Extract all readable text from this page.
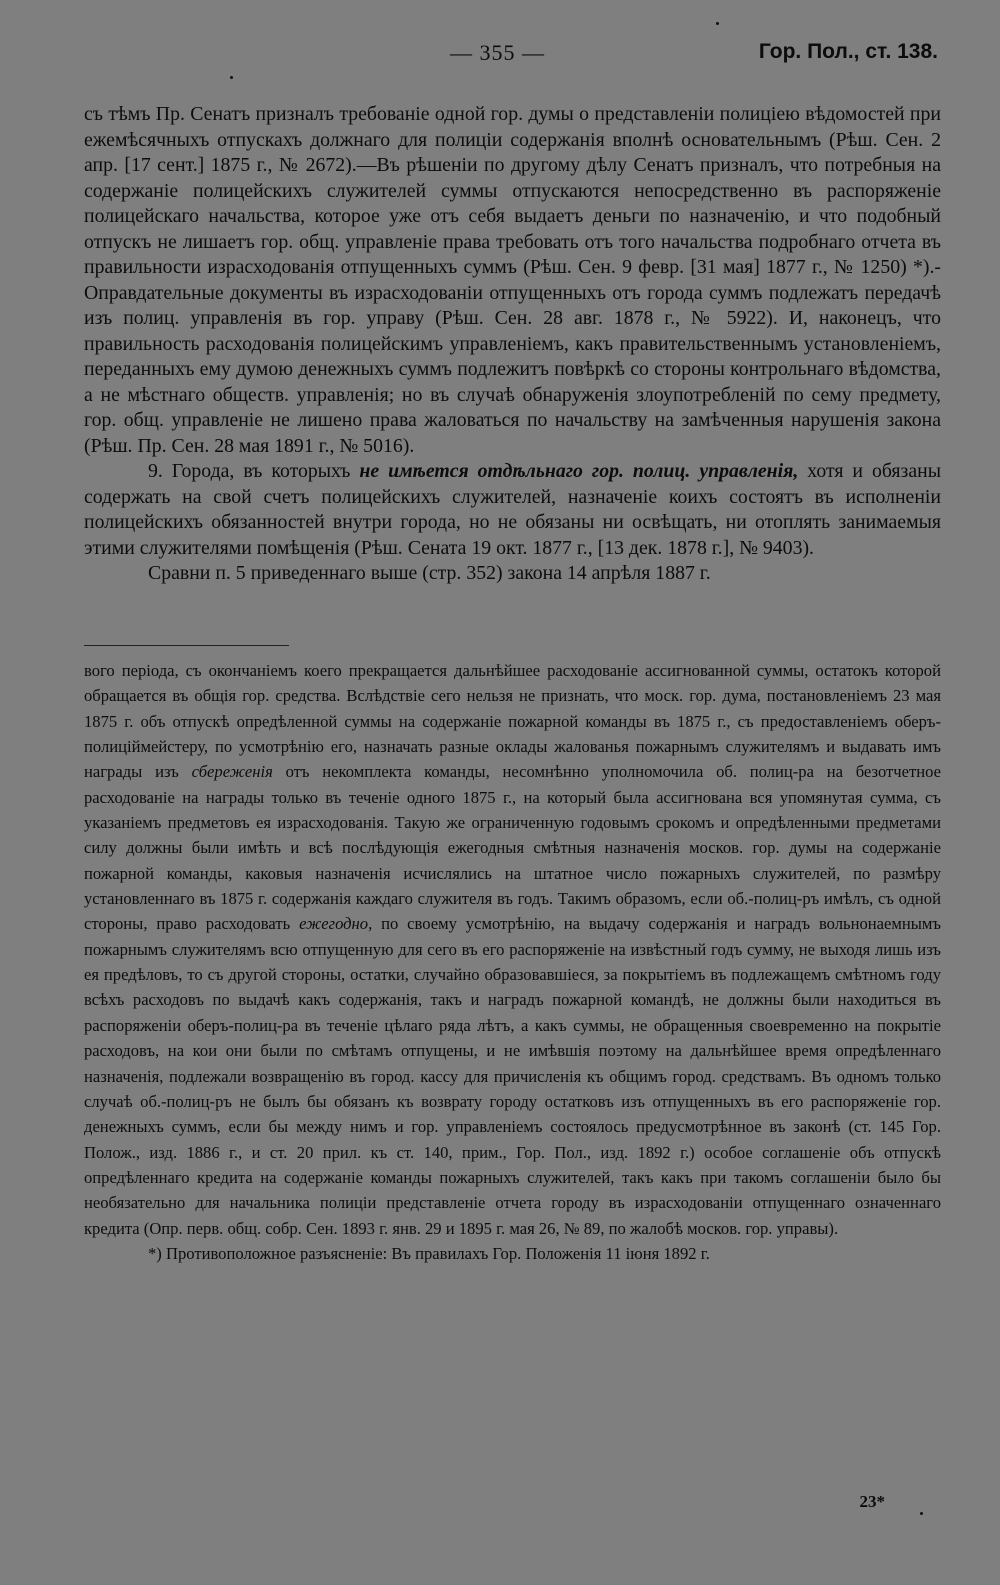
— 355 —	Гор. Пол., ст. 138.

съ тѣмъ Пр. Сенатъ призналъ требованіе одной гор. думы о представленіи полиціею вѣдомостей при ежемѣсячныхъ отпускахъ должнаго для полиціи содержанія вполнѣ основательнымъ (Рѣш. Сен. 2 апр. [17 сент.] 1875 г., № 2672).—Въ рѣшеніи по другому дѣлу Сенатъ призналъ, что потребныя на содержаніе полицейскихъ служителей суммы отпускаются непосредственно въ распоряженіе полицейскаго начальства, которое уже отъ себя выдаетъ деньги по назначенію, и что подобный отпускъ не лишаетъ гор. общ. управленіе права требовать отъ того начальства подробнаго отчета въ правильности израсходованія отпущенныхъ суммъ (Рѣш. Сен. 9 февр. [31 мая] 1877 г., № 1250) *).- Оправдательные документы въ израсходованіи отпущенныхъ отъ города суммъ подлежатъ передачѣ изъ полиц. управленія въ гор. управу (Рѣш. Сен. 28 авг. 1878 г., № 5922). И, наконецъ, что правильность расходованія полицейскимъ управленіемъ, какъ правительственнымъ установленіемъ, переданныхъ ему думою денежныхъ суммъ подлежитъ повѣркѣ со стороны контрольнаго вѣдомства, а не мѣстнаго обществ. управленія; но въ случаѣ обнаруженія злоупотребленій по сему предмету, гор. общ. управленіе не лишено права жаловаться по начальству на замѣченныя нарушенія закона (Рѣш. Пр. Сен. 28 мая 1891 г., № 5016).

9. Города, въ которыхъ не имѣется отдѣльнаго гор. полиц. управленія, хотя и обязаны содержать на свой счетъ полицейскихъ служителей, назначеніе коихъ состоятъ въ исполненіи полицейскихъ обязанностей внутри города, но не обязаны ни освѣщать, ни отоплять занимаемыя этими служителями помѣщенія (Рѣш. Сената 19 окт. 1877 г., [13 дек. 1878 г.], № 9403).

Сравни п. 5 приведеннаго выше (стр. 352) закона 14 апрѣля 1887 г.

вого періода, съ окончаніемъ коего прекращается дальнѣйшее расходованіе ассигнованной суммы, остатокъ которой обращается въ общія гор. средства. Вслѣдствіе сего нельзя не признать, что моск. гор. дума, постановленіемъ 23 мая 1875 г. объ отпускѣ опредѣленной суммы на содержаніе пожарной команды въ 1875 г., съ предоставленіемъ оберъ-полиціймейстеру, по усмотрѣнію его, назначать разные оклады жалованья пожарнымъ служителямъ и выдавать имъ награды изъ сбереженія отъ некомплекта команды, несомнѣнно уполномочила об. полиц-ра на безотчетное расходованіе на награды только въ теченіе одного 1875 г., на который была ассигнована вся упомянутая сумма, съ указаніемъ предметовъ ея израсходованія. Такую же ограниченную годовымъ срокомъ и опредѣленными предметами силу должны были имѣть и всѣ послѣдующія ежегодныя смѣтныя назначенія москов. гор. думы на содержаніе пожарной команды, каковыя назначенія исчислялись на штатное число пожарныхъ служителей, по размѣру установленнаго въ 1875 г. содержанія каждаго служителя въ годъ. Такимъ образомъ, если об.-полиц-ръ имѣлъ, съ одной стороны, право расходовать ежегодно, по своему усмотрѣнію, на выдачу содержанія и наградъ вольнонаемнымъ пожарнымъ служителямъ всю отпущенную для сего въ его распоряженіе на извѣстный годъ сумму, не выходя лишь изъ ея предѣловъ, то съ другой стороны, остатки, случайно образовавшіеся, за покрытіемъ въ подлежащемъ смѣтномъ году всѣхъ расходовъ по выдачѣ какъ содержанія, такъ и наградъ пожарной командѣ, не должны были находиться въ распоряженіи оберъ-полиц-ра въ теченіе цѣлаго ряда лѣтъ, а какъ суммы, не обращенныя своевременно на покрытіе расходовъ, на кои они были по смѣтамъ отпущены, и не имѣвшія поэтому на дальнѣйшее время опредѣленнаго назначенія, подлежали возвращенію въ город. кассу для причисленія къ общимъ город. средствамъ. Въ одномъ только случаѣ об.-полиц-ръ не былъ бы обязанъ къ возврату городу остатковъ изъ отпущенныхъ въ его распоряженіе гор. денежныхъ суммъ, если бы между нимъ и гор. управленіемъ состоялось предусмотрѣнное въ законѣ (ст. 145 Гор. Полож., изд. 1886 г., и ст. 20 прил. къ ст. 140, прим., Гор. Пол., изд. 1892 г.) особое соглашеніе объ отпускѣ опредѣленнаго кредита на содержаніе команды пожарныхъ служителей, такъ какъ при такомъ соглашеніи было бы необязательно для начальника полиціи представленіе отчета городу въ израсходованіи отпущеннаго означеннаго кредита (Опр. перв. общ. собр. Сен. 1893 г. янв. 29 и 1895 г. мая 26, № 89, по жалобѣ москов. гор. управы).

*) Противоположное разъясненіе: Въ правилахъ Гор. Положенія 11 іюня 1892 г.

23*
